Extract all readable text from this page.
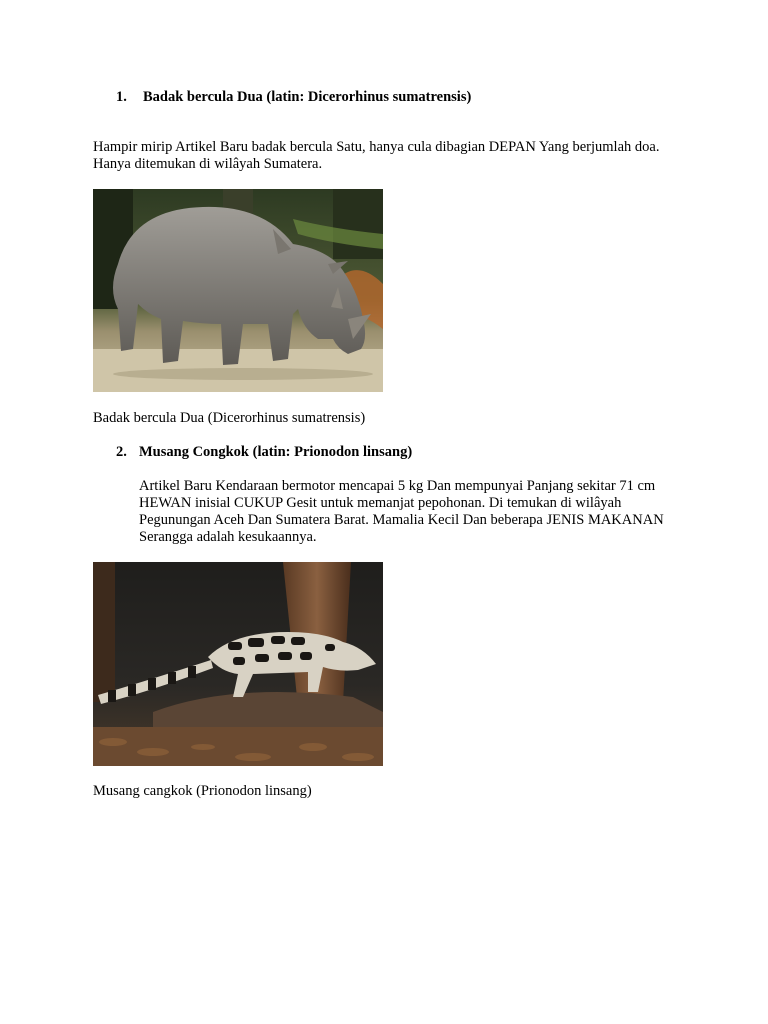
1. Badak bercula Dua (latin: Dicerorhinus sumatrensis)
Hampir mirip Artikel Baru badak bercula Satu, hanya cula dibagian DEPAN Yang berjumlah doa. Hanya ditemukan di wilâyah Sumatera.
Badak bercula Dua (Dicerorhinus sumatrensis)
2. Musang Congkok (latin: Prionodon linsang)
Artikel Baru Kendaraan bermotor mencapai 5 kg Dan mempunyai Panjang sekitar 71 cm HEWAN inisial CUKUP Gesit untuk memanjat pepohonan. Di temukan di wilâyah Pegunungan Aceh Dan Sumatera Barat. Mamalia Kecil Dan beberapa JENIS MAKANAN Serangga adalah kesukaannya.
Musang cangkok (Prionodon linsang)
